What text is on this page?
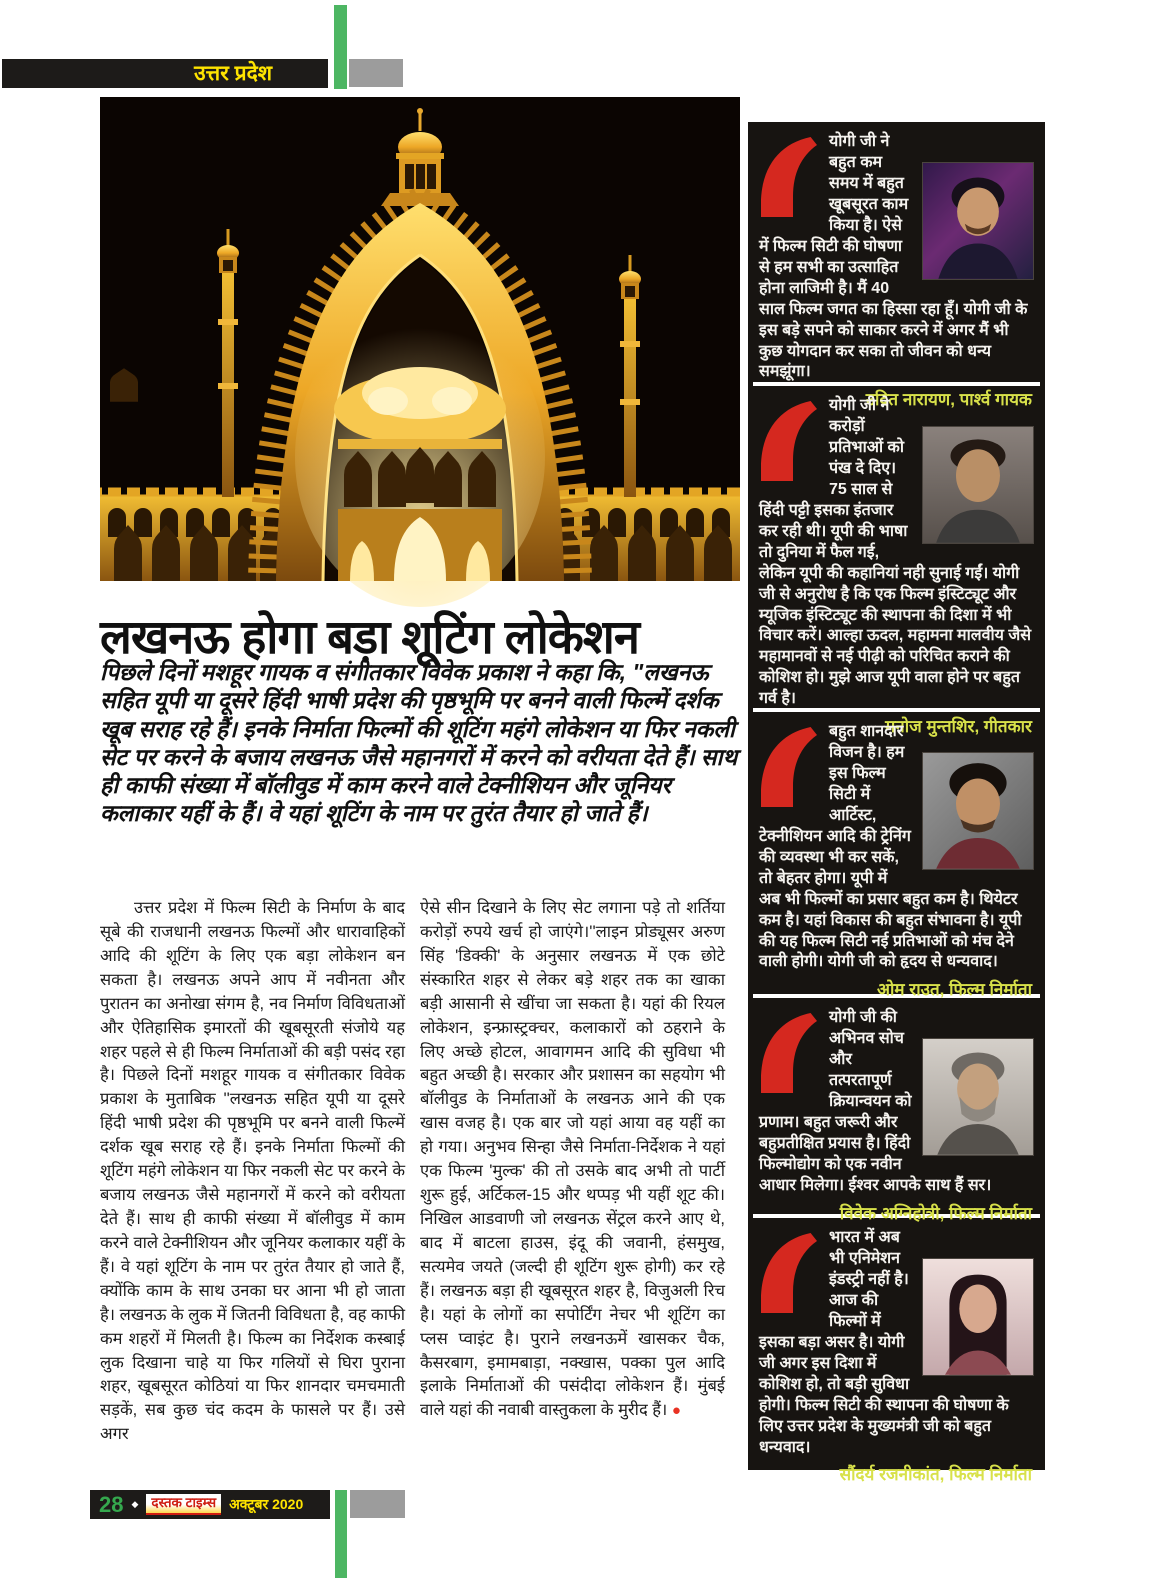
उत्तर प्रदेश
लखनऊ होगा बड़ा शूटिंग लोकेशन
पिछले दिनों मशहूर गायक व संगीतकार विवेक प्रकाश ने कहा कि, "लखनऊ सहित यूपी या दूसरे हिंदी भाषी प्रदेश की पृष्ठभूमि पर बनने वाली फिल्में दर्शक खूब सराह रहे हैं। इनके निर्माता फिल्मों की शूटिंग महंगे लोकेशन या फिर नकली सेट पर करने के बजाय लखनऊ जैसे महानगरों में करने को वरीयता देते हैं। साथ ही काफी संख्या में बॉलीवुड में काम करने वाले टेक्नीशियन और जूनियर कलाकार यहीं के हैं। वे यहां शूटिंग के नाम पर तुरंत तैयार हो जाते हैं।

उत्तर प्रदेश में फिल्म सिटी के निर्माण के बाद सूबे की राजधानी लखनऊ फिल्मों और धारावाहिकों आदि की शूटिंग के लिए एक बड़ा लोकेशन बन सकता है। लखनऊ अपने आप में नवीनता और पुरातन का अनोखा संगम है, नव निर्माण विविधताओं और ऐतिहासिक इमारतों की खूबसूरती संजोये यह शहर पहले से ही फिल्म निर्माताओं की बड़ी पसंद रहा है। पिछले दिनों मशहूर गायक व संगीतकार विवेक प्रकाश के मुताबिक ''लखनऊ सहित यूपी या दूसरे हिंदी भाषी प्रदेश की पृष्ठभूमि पर बनने वाली फिल्में दर्शक खूब सराह रहे हैं। इनके निर्माता फिल्मों की शूटिंग महंगे लोकेशन या फिर नकली सेट पर करने के बजाय लखनऊ जैसे महानगरों में करने को वरीयता देते हैं। साथ ही काफी संख्या में बॉलीवुड में काम करने वाले टेक्नीशियन और जूनियर कलाकार यहीं के हैं। वे यहां शूटिंग के नाम पर तुरंत तैयार हो जाते हैं, क्योंकि काम के साथ उनका घर आना भी हो जाता है। लखनऊ के लुक में जितनी विविधता है, वह काफी कम शहरों में मिलती है। फिल्म का निर्देशक कस्बाई लुक दिखाना चाहे या फिर गलियों से घिरा पुराना शहर, खूबसूरत कोठियां या फिर शानदार चमचमाती सड़कें, सब कुछ चंद कदम के फासले पर हैं। उसे अगर

ऐसे सीन दिखाने के लिए सेट लगाना पड़े तो शर्तिया करोड़ों रुपये खर्च हो जाएंगे।''लाइन प्रोड्यूसर अरुण सिंह 'डिक्की' के अनुसार लखनऊ में एक छोटे संस्कारित शहर से लेकर बड़े शहर तक का खाका बड़ी आसानी से खींचा जा सकता है। यहां की रियल लोकेशन, इन्फ्रास्ट्रक्चर, कलाकारों को ठहराने के लिए अच्छे होटल, आवागमन आदि की सुविधा भी बहुत अच्छी है। सरकार और प्रशासन का सहयोग भी बॉलीवुड के निर्माताओं के लखनऊ आने की एक खास वजह है। एक बार जो यहां आया वह यहीं का हो गया। अनुभव सिन्हा जैसे निर्माता-निर्देशक ने यहां एक फिल्म 'मुल्क' की तो उसके बाद अभी तो पार्टी शुरू हुई, अर्टिकल-15 और थप्पड़ भी यहीं शूट की। निखिल आडवाणी जो लखनऊ सेंट्रल करने आए थे, बाद में बाटला हाउस, इंदू की जवानी, हंसमुख, सत्यमेव जयते (जल्दी ही शूटिंग शुरू होगी) कर रहे हैं। लखनऊ बड़ा ही खूबसूरत शहर है, विजुअली रिच है। यहां के लोगों का सपोर्टिंग नेचर भी शूटिंग का प्लस प्वाइंट है। पुराने लखनऊमें खासकर चैक, कैसरबाग, इमामबाड़ा, नक्खास, पक्का पुल आदि इलाके निर्माताओं की पसंदीदा लोकेशन हैं। मुंबई वाले यहां की नवाबी वास्तुकला के मुरीद हैं। ●

योगी जी ने बहुत कम समय में बहुत खूबसूरत काम किया है। ऐसे में फिल्म सिटी की घोषणा से हम सभी का उत्साहित होना लाजिमी है। मैं 40 साल फिल्म जगत का हिस्सा रहा हूँ। योगी जी के इस बड़े सपने को साकार करने में अगर मैं भी कुछ योगदान कर सका तो जीवन को धन्य समझूंगा।

उदित नारायण, पार्श्व गायक

योगी जी ने करोड़ों प्रतिभाओं को पंख दे दिए। 75 साल से हिंदी पट्टी इसका इंतजार कर रही थी। यूपी की भाषा तो दुनिया में फैल गई, लेकिन यूपी की कहानियां नही सुनाई गईं। योगी जी से अनुरोध है कि एक फिल्म इंस्टिट्यूट और म्यूजिक इंस्टिट्यूट की स्थापना की दिशा में भी विचार करें। आल्हा ऊदल, महामना मालवीय जैसे महामानवों से नई पीढ़ी को परिचित कराने की कोशिश हो। मुझे आज यूपी वाला होने पर बहुत गर्व है।

मनोज मुन्तशिर, गीतकार

बहुत शानदार विजन है। हम इस फिल्म सिटी में आर्टिस्ट, टेक्नीशियन आदि की ट्रेनिंग की व्यवस्था भी कर सकें, तो बेहतर होगा। यूपी में अब भी फिल्मों का प्रसार बहुत कम है। थियेटर कम है। यहां विकास की बहुत संभावना है। यूपी की यह फिल्म सिटी नई प्रतिभाओं को मंच देने वाली होगी। योगी जी को हृदय से धन्यवाद।

ओम राउत, फिल्म निर्माता

योगी जी की अभिनव सोच और तत्परतापूर्ण क्रियान्वयन को प्रणाम। बहुत जरूरी और बहुप्रतीक्षित प्रयास है। हिंदी फिल्मोद्योग को एक नवीन आधार मिलेगा। ईश्वर आपके साथ हैं सर।

विवेक अग्निहोत्री, फिल्म निर्माता

भारत में अब भी एनिमेशन इंडस्ट्री नहीं है। आज की फिल्मों में इसका बड़ा असर है। योगी जी अगर इस दिशा में कोशिश हो, तो बड़ी सुविधा होगी। फिल्म सिटी की स्थापना की घोषणा के लिए उत्तर प्रदेश के मुख्यमंत्री जी को बहुत धन्यवाद।

सौंदर्य रजनीकांत, फिल्म निर्माता
28 ◆ दस्तक टाइम्स अक्टूबर 2020
